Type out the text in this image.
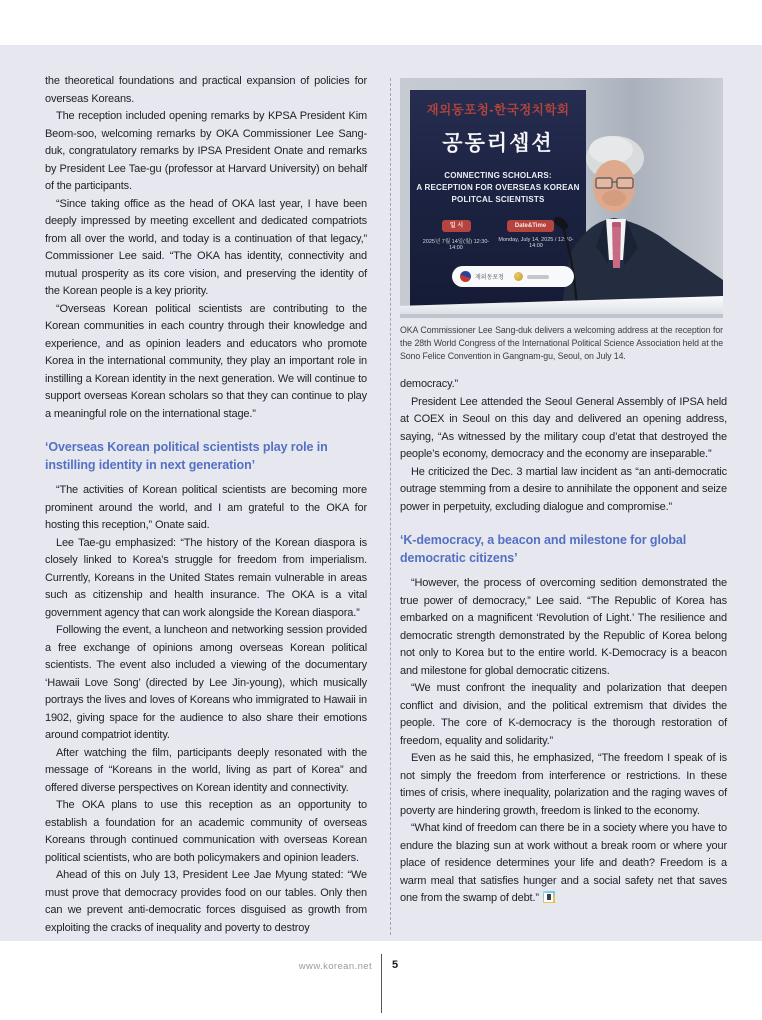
the theoretical foundations and practical expansion of policies for overseas Koreans.

The reception included opening remarks by KPSA President Kim Beom-soo, welcoming remarks by OKA Commissioner Lee Sang-duk, congratulatory remarks by IPSA President Onate and remarks by President Lee Tae-gu (professor at Harvard University) on behalf of the participants.

“Since taking office as the head of OKA last year, I have been deeply impressed by meeting excellent and dedicated compatriots from all over the world, and today is a continuation of that legacy,” Commissioner Lee said. “The OKA has identity, connectivity and mutual prosperity as its core vision, and preserving the identity of the Korean people is a key priority.

“Overseas Korean political scientists are contributing to the Korean communities in each country through their knowledge and experience, and as opinion leaders and educators who promote Korea in the international community, they play an important role in instilling a Korean identity in the next generation. We will continue to support overseas Korean scholars so that they can continue to play a meaningful role on the international stage.”

‘Overseas Korean political scientists play role in instilling identity in next generation’

“The activities of Korean political scientists are becoming more prominent around the world, and I am grateful to the OKA for hosting this reception,” Onate said.

Lee Tae-gu emphasized: “The history of the Korean diaspora is closely linked to Korea’s struggle for freedom from imperialism. Currently, Koreans in the United States remain vulnerable in areas such as citizenship and health insurance. The OKA is a vital government agency that can work alongside the Korean diaspora.”

Following the event, a luncheon and networking session provided a free exchange of opinions among overseas Korean political scientists. The event also included a viewing of the documentary ‘Hawaii Love Song’ (directed by Lee Jin-young), which musically portrays the lives and loves of Koreans who immigrated to Hawaii in 1902, giving space for the audience to also share their emotions around compatriot identity.

After watching the film, participants deeply resonated with the message of “Koreans in the world, living as part of Korea” and offered diverse perspectives on Korean identity and connectivity.

The OKA plans to use this reception as an opportunity to establish a foundation for an academic community of overseas Koreans through continued communication with overseas Korean political scientists, who are both policymakers and opinion leaders.

Ahead of this on July 13, President Lee Jae Myung stated: “We must prove that democracy provides food on our tables. Only then can we prevent anti-democratic forces disguised as growth from exploiting the cracks of inequality and poverty to destroy

재외동포청-한국정치학회
공동리셉션
CONNECTING SCHOLARS:
A RECEPTION FOR OVERSEAS KOREAN
POLITCAL SCIENTISTS
일 시	Date&Time
2025년 7월 14일(월) 12:30-14:00
Monday, July 14, 2025 / 12:30-14:00
재외동포청

OKA Commissioner Lee Sang-duk delivers a welcoming address at the reception for the 28th World Congress of the International Political Science Association held at the Sono Felice Convention in Gangnam-gu, Seoul, on July 14.

democracy.”

President Lee attended the Seoul General Assembly of IPSA held at COEX in Seoul on this day and delivered an opening address, saying, “As witnessed by the military coup d’etat that destroyed the people’s economy, democracy and the economy are inseparable.”

He criticized the Dec. 3 martial law incident as “an anti-democratic outrage stemming from a desire to annihilate the opponent and seize power in perpetuity, excluding dialogue and compromise.”

‘K-democracy, a beacon and milestone for global democratic citizens’

“However, the process of overcoming sedition demonstrated the true power of democracy,” Lee said. “The Republic of Korea has embarked on a magnificent ‘Revolution of Light.’ The resilience and democratic strength demonstrated by the Republic of Korea belong not only to Korea but to the entire world. K-Democracy is a beacon and milestone for global democratic citizens.

“We must confront the inequality and polarization that deepen conflict and division, and the political extremism that divides the people. The core of K-democracy is the thorough restoration of freedom, equality and solidarity.”

Even as he said this, he emphasized, “The freedom I speak of is not simply the freedom from interference or restrictions. In these times of crisis, where inequality, polarization and the raging waves of poverty are hindering growth, freedom is linked to the economy.

“What kind of freedom can there be in a society where you have to endure the blazing sun at work without a break room or where your place of residence determines your life and death? Freedom is a warm meal that satisfies hunger and a social safety net that saves one from the swamp of debt.”

www.korean.net 5
